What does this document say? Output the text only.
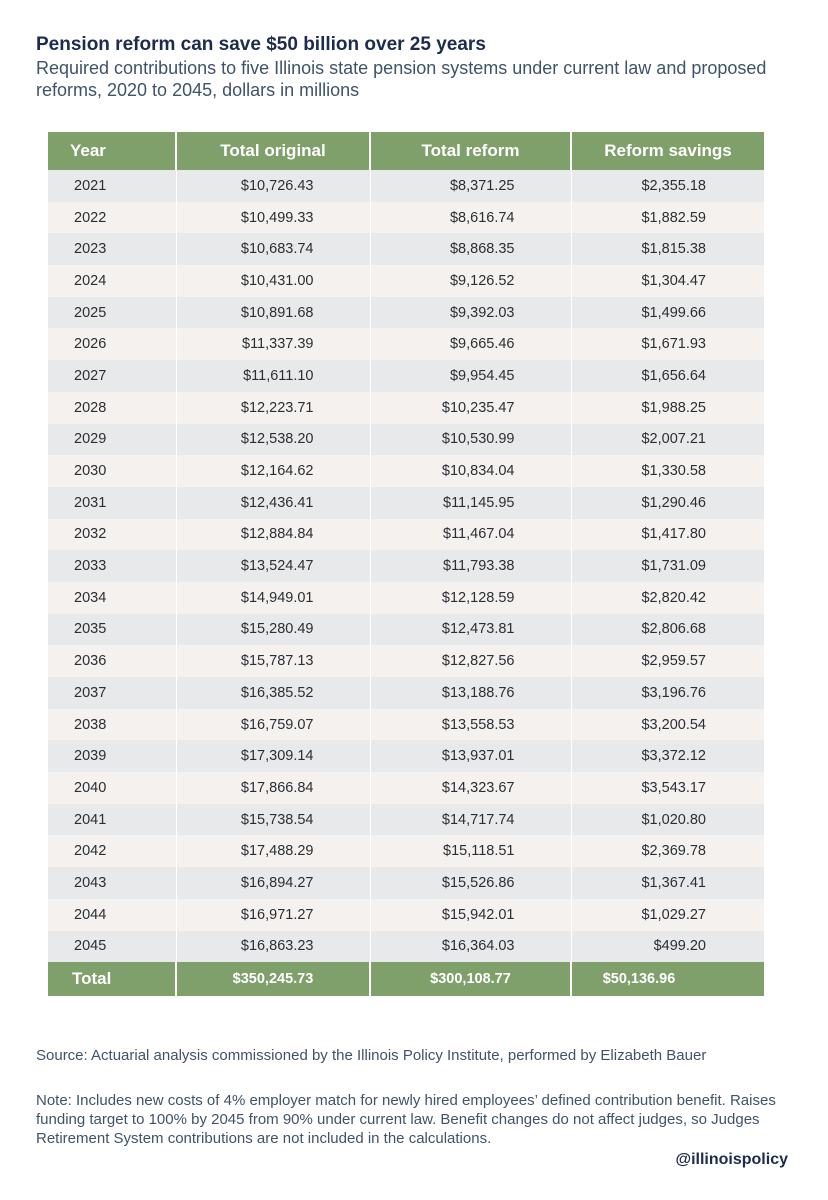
Pension reform can save $50 billion over 25 years
Required contributions to five Illinois state pension systems under current law and proposed reforms, 2020 to 2045, dollars in millions
Year	Total original	Total reform	Reform savings
2021	$10,726.43	$8,371.25	$2,355.18
2022	$10,499.33	$8,616.74	$1,882.59
2023	$10,683.74	$8,868.35	$1,815.38
2024	$10,431.00	$9,126.52	$1,304.47
2025	$10,891.68	$9,392.03	$1,499.66
2026	$11,337.39	$9,665.46	$1,671.93
2027	$11,611.10	$9,954.45	$1,656.64
2028	$12,223.71	$10,235.47	$1,988.25
2029	$12,538.20	$10,530.99	$2,007.21
2030	$12,164.62	$10,834.04	$1,330.58
2031	$12,436.41	$11,145.95	$1,290.46
2032	$12,884.84	$11,467.04	$1,417.80
2033	$13,524.47	$11,793.38	$1,731.09
2034	$14,949.01	$12,128.59	$2,820.42
2035	$15,280.49	$12,473.81	$2,806.68
2036	$15,787.13	$12,827.56	$2,959.57
2037	$16,385.52	$13,188.76	$3,196.76
2038	$16,759.07	$13,558.53	$3,200.54
2039	$17,309.14	$13,937.01	$3,372.12
2040	$17,866.84	$14,323.67	$3,543.17
2041	$15,738.54	$14,717.74	$1,020.80
2042	$17,488.29	$15,118.51	$2,369.78
2043	$16,894.27	$15,526.86	$1,367.41
2044	$16,971.27	$15,942.01	$1,029.27
2045	$16,863.23	$16,364.03	$499.20
Total	$350,245.73	$300,108.77	$50,136.96
Source: Actuarial analysis commissioned by the Illinois Policy Institute, performed by Elizabeth Bauer
Note: Includes new costs of 4% employer match for newly hired employees’ defined contribution benefit. Raises funding target to 100% by 2045 from 90% under current law. Benefit changes do not affect judges, so Judges Retirement System contributions are not included in the calculations.
@illinoispolicy
